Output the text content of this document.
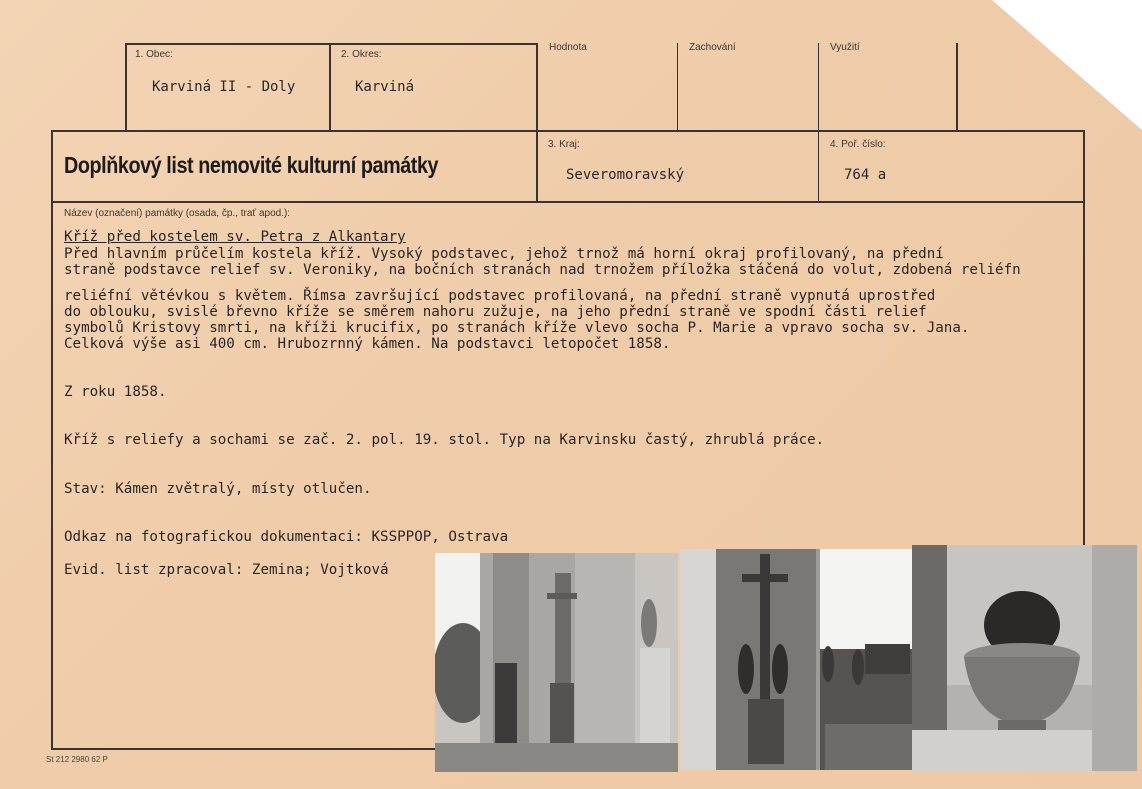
1. Obec:
Karviná II - Doly
2. Okres:
Karviná
Hodnota	Zachování	Využití
Doplňkový list nemovité kulturní památky
3. Kraj:
Severomoravský
4. Poř. číslo:
764 a
Název (označení) památky (osada, čp., trať apod.):
Kříž před kostelem sv. Petra z Alkantary
Před hlavním průčelím kostela kříž. Vysoký podstavec, jehož trnož má horní okraj profilovaný, na přední
straně podstavce relief sv. Veroniky, na bočních stranách nad trnožem příložka stáčená do volut, zdobená reliéfn
reliéfní větévkou s květem. Římsa završující podstavec profilovaná, na přední straně vypnutá uprostřed
do oblouku, svislé břevno kříže se směrem nahoru zužuje, na jeho přední straně ve spodní části relief
symbolů Kristovy smrti, na kříži krucifix, po stranách kříže vlevo socha P. Marie a vpravo socha sv. Jana.
Celková výše asi 400 cm. Hrubozrnný kámen. Na podstavci letopočet 1858.
Z roku 1858.
Kříž s reliefy a sochami se zač. 2. pol. 19. stol. Typ na Karvinsku častý, zhrublá práce.
Stav: Kámen zvětralý, místy otlučen.
Odkaz na fotografickou dokumentaci: KSSPPOP, Ostrava
Evid. list zpracoval: Zemina; Vojtková
St 212 2980 62 P
